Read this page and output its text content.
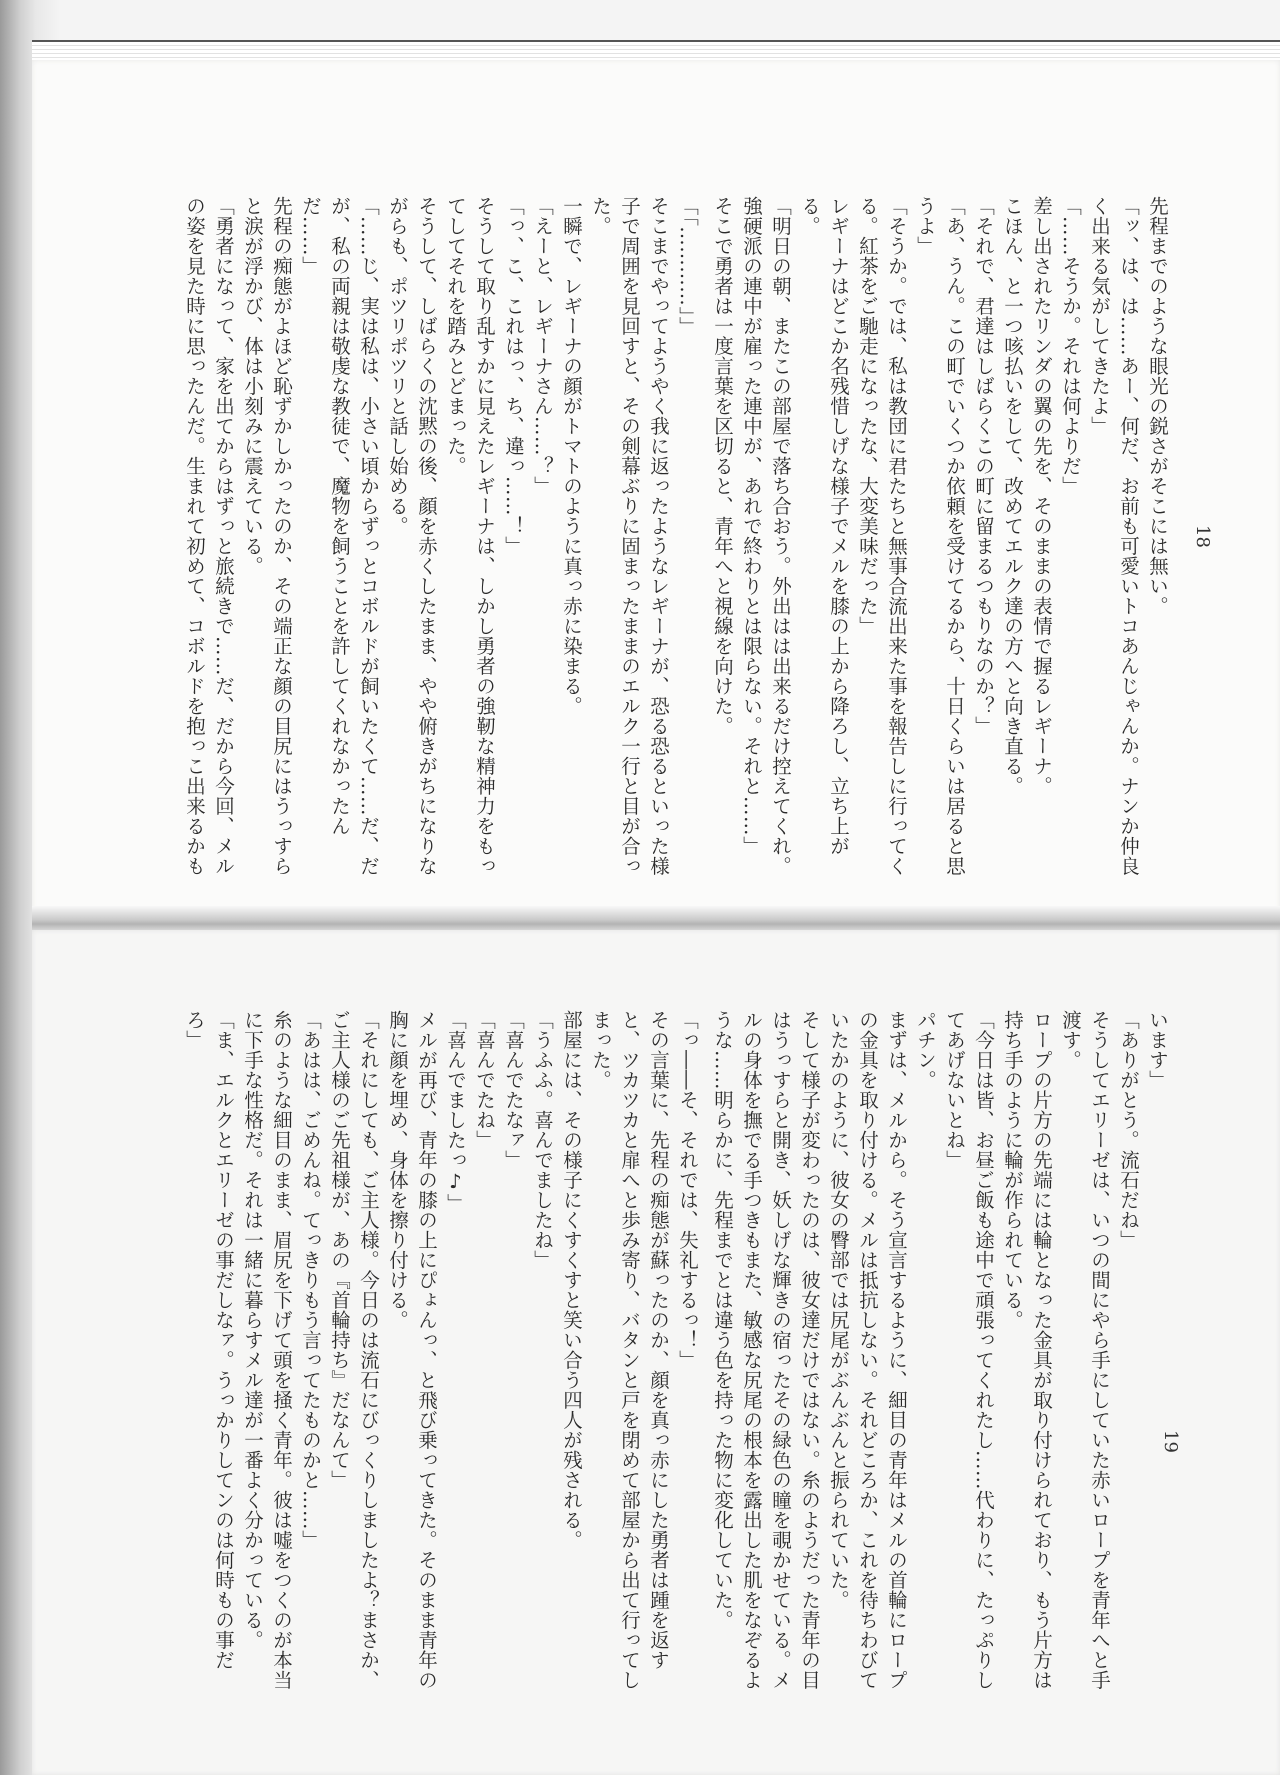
先程までのような眼光の鋭さがそこには無い。

「ッ、は、は……あー、何だ、お前も可愛いトコあんじゃんか。ナンか仲良く出来る気がしてきたよ」

「……そうか。それは何よりだ」

差し出されたリンダの翼の先を、そのままの表情で握るレギーナ。

こほん、と一つ咳払いをして、改めてエルク達の方へと向き直る。

「それで、君達はしばらくこの町に留まるつもりなのか？」

「あ、うん。この町でいくつか依頼を受けてるから、十日くらいは居ると思うよ」

「そうか。では、私は教団に君たちと無事合流出来た事を報告しに行ってくる。紅茶をご馳走になったな、大変美味だった」

レギーナはどこか名残惜しげな様子でメルを膝の上から降ろし、立ち上がる。

「明日の朝、またこの部屋で落ち合おう。外出はは出来るだけ控えてくれ。強硬派の連中が雇った連中が、あれで終わりとは限らない。それと……」

そこで勇者は一度言葉を区切ると、青年へと視線を向けた。

「「…………」」

そこまでやってようやく我に返ったようなレギーナが、恐る恐るといった様子で周囲を見回すと、その剣幕ぶりに固まったままのエルク一行と目が合った。

一瞬で、レギーナの顔がトマトのように真っ赤に染まる。

「えーと、レギーナさん……？」

「っ、こ、これはっ、ち、違っ……！」

そうして取り乱すかに見えたレギーナは、しかし勇者の強靭な精神力をもってしてそれを踏みとどまった。

そうして、しばらくの沈黙の後、顔を赤くしたまま、やや俯きがちになりながらも、ポツリポツリと話し始める。

「……じ、実は私は、小さい頃からずっとコボルドが飼いたくて……だ、だが、私の両親は敬虔な教徒で、魔物を飼うことを許してくれなかったんだ……」

先程の痴態がよほど恥ずかしかったのか、その端正な顔の目尻にはうっすらと涙が浮かび、体は小刻みに震えている。

「勇者になって、家を出てからはずっと旅続きで……だ、だから今回、メルの姿を見た時に思ったんだ。生まれて初めて、コボルドを抱っこ出来るかも

18

います」

「ありがとう。流石だね」

そうしてエリーゼは、いつの間にやら手にしていた赤いロープを青年へと手渡す。

ロープの片方の先端には輪となった金具が取り付けられており、もう片方は持ち手のように輪が作られている。

「今日は皆、お昼ご飯も途中で頑張ってくれたし……代わりに、たっぷりしてあげないとね」

パチン。

まずは、メルから。そう宣言するように、細目の青年はメルの首輪にロープの金具を取り付ける。メルは抵抗しない。それどころか、これを待ちわびていたかのように、彼女の臀部では尻尾がぶんぶんと振られていた。

そして様子が変わったのは、彼女達だけではない。糸のようだった青年の目はうっすらと開き、妖しげな輝きの宿ったその緑色の瞳を覗かせている。メルの身体を撫でる手つきもまた、敏感な尻尾の根本を露出した肌をなぞるような……明らかに、先程までとは違う色を持った物に変化していた。

「っ――そ、それでは、失礼するっ！」

その言葉に、先程の痴態が蘇ったのか、顔を真っ赤にした勇者は踵を返すと、ツカツカと扉へと歩み寄り、バタンと戸を閉めて部屋から出て行ってしまった。

部屋には、その様子にくすくすと笑い合う四人が残される。

「うふふ。喜んでましたね」

「喜んでたなァ」

「喜んでたね」

「喜んでましたっ♪」

メルが再び、青年の膝の上にぴょんっ、と飛び乗ってきた。そのまま青年の胸に顔を埋め、身体を擦り付ける。

「それにしても、ご主人様。今日のは流石にびっくりしましたよ？まさか、ご主人様のご先祖様が、あの『首輪持ち』だなんて」

「あはは、ごめんね。てっきりもう言ってたものかと……」

糸のような細目のまま、眉尻を下げて頭を掻く青年。彼は嘘をつくのが本当に下手な性格だ。それは一緒に暮らすメル達が一番よく分かっている。

「ま、エルクとエリーゼの事だしなァ。うっかりしてンのは何時もの事だろ」

19
